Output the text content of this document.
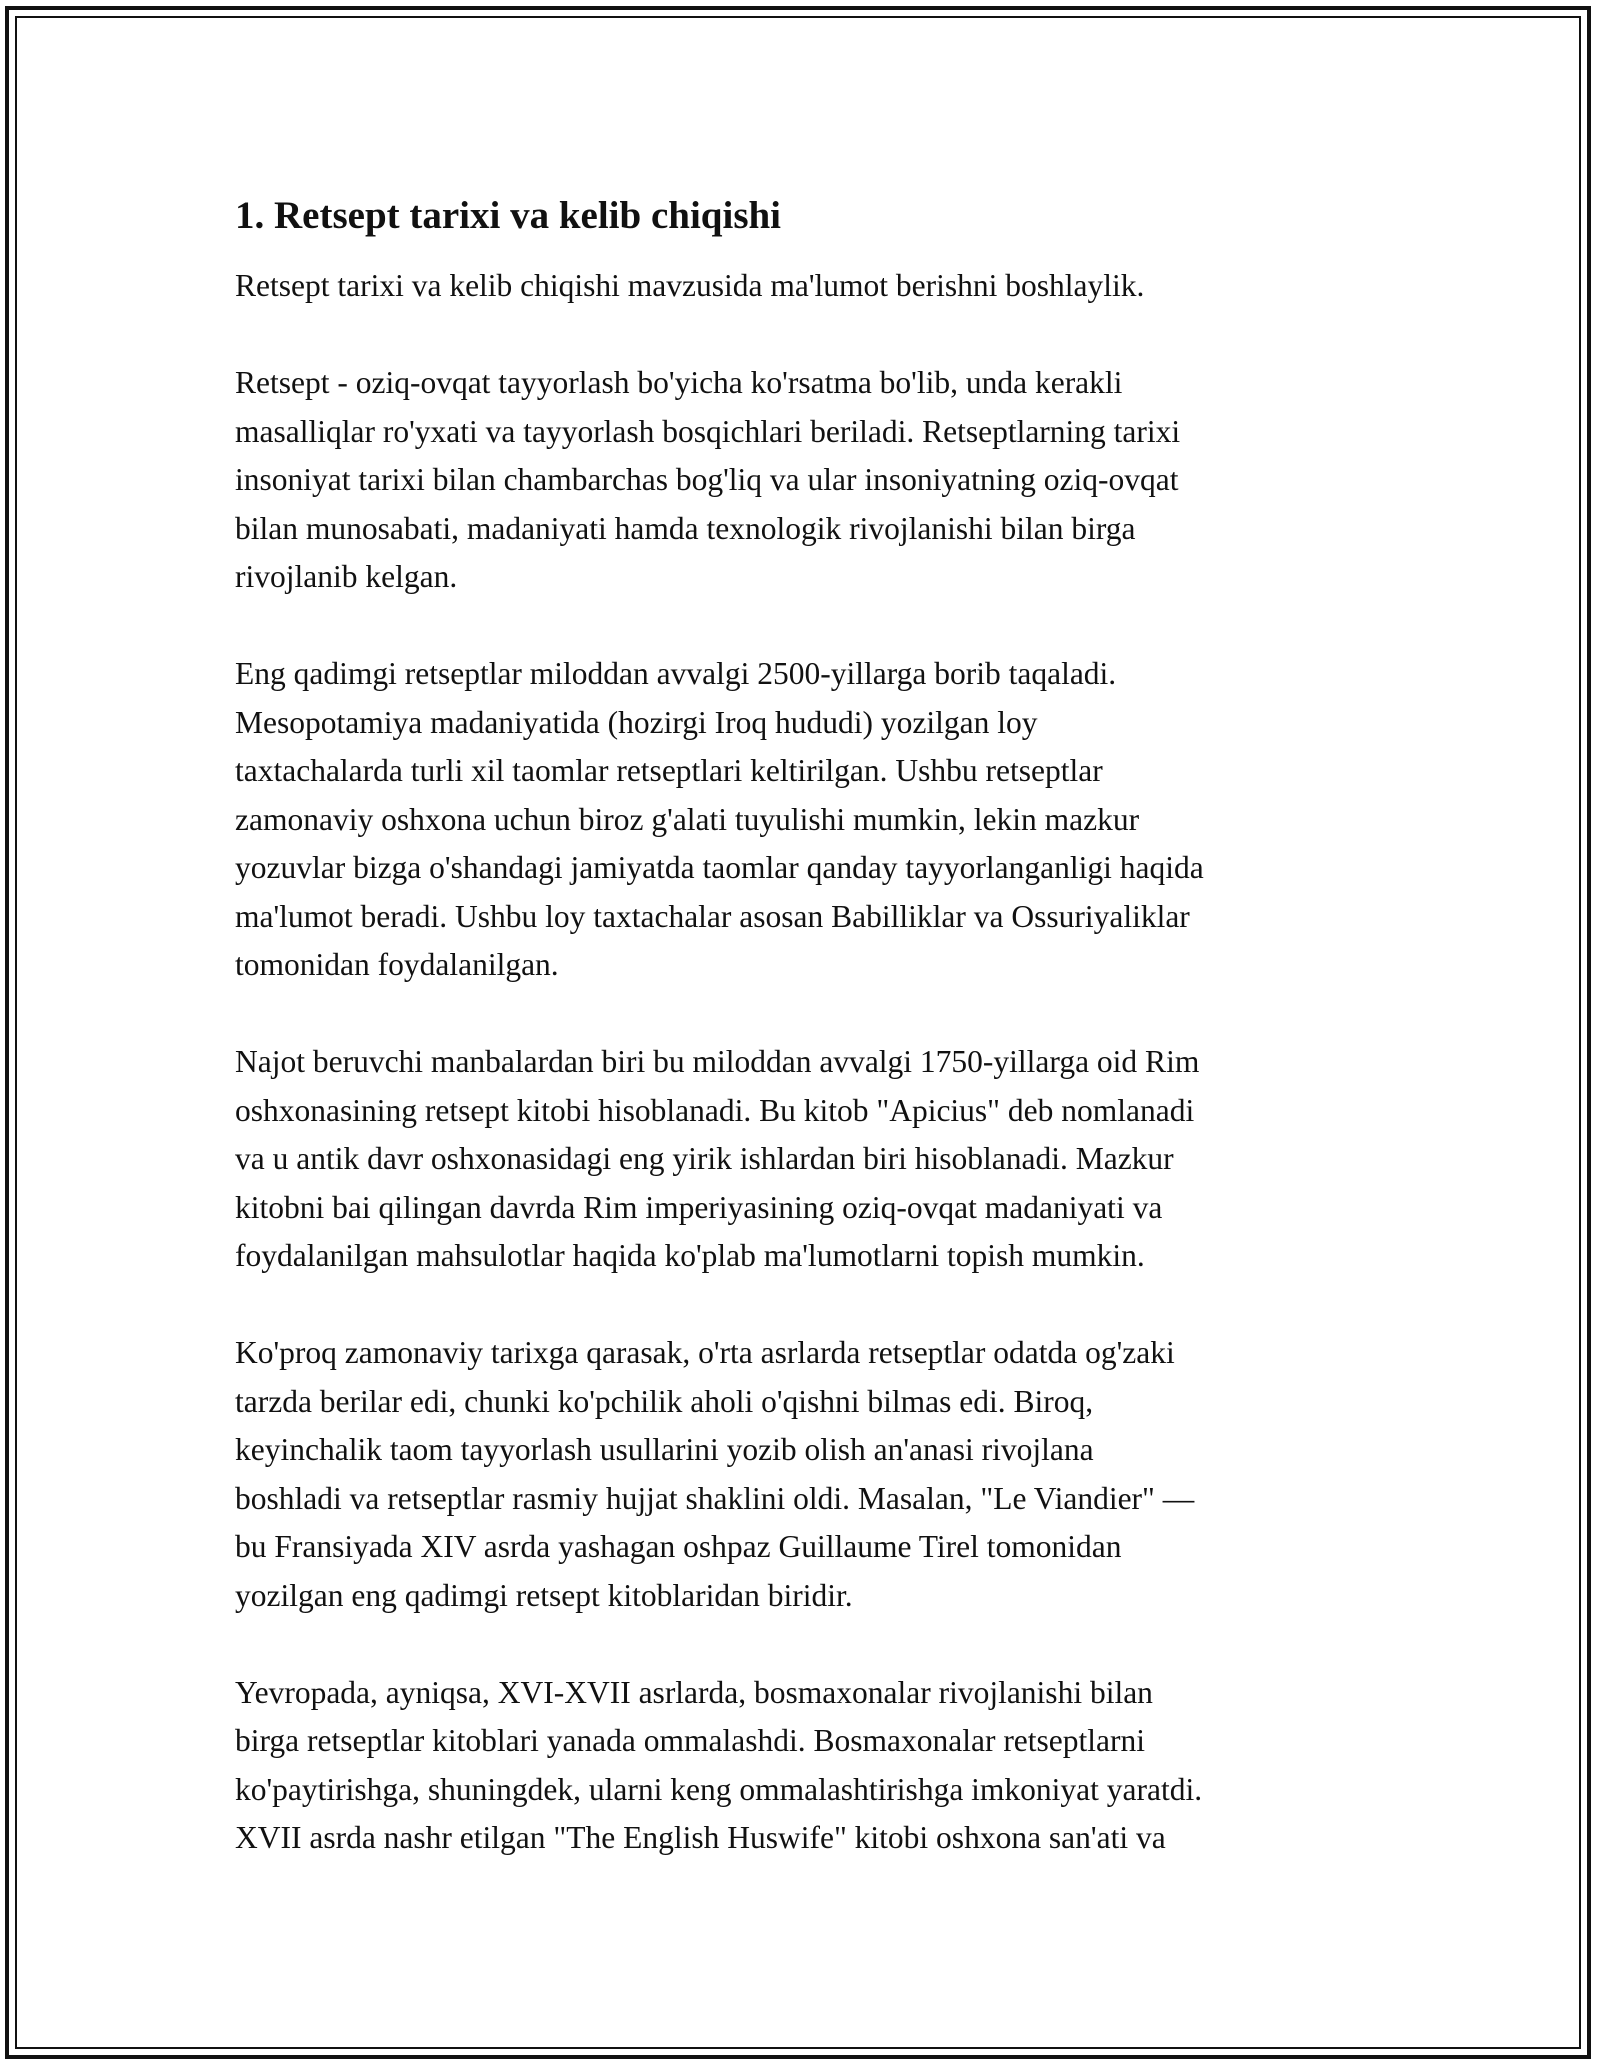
1. Retsept tarixi va kelib chiqishi
Retsept tarixi va kelib chiqishi mavzusida ma'lumot berishni boshlaylik.
Retsept - oziq-ovqat tayyorlash bo'yicha ko'rsatma bo'lib, unda kerakli
masalliqlar ro'yxati va tayyorlash bosqichlari beriladi. Retseptlarning tarixi
insoniyat tarixi bilan chambarchas bog'liq va ular insoniyatning oziq-ovqat
bilan munosabati, madaniyati hamda texnologik rivojlanishi bilan birga
rivojlanib kelgan.
Eng qadimgi retseptlar miloddan avvalgi 2500-yillarga borib taqaladi.
Mesopotamiya madaniyatida (hozirgi Iroq hududi) yozilgan loy
taxtachalarda turli xil taomlar retseptlari keltirilgan. Ushbu retseptlar
zamonaviy oshxona uchun biroz g'alati tuyulishi mumkin, lekin mazkur
yozuvlar bizga o'shandagi jamiyatda taomlar qanday tayyorlanganligi haqida
ma'lumot beradi. Ushbu loy taxtachalar asosan Babilliklar va Ossuriyaliklar
tomonidan foydalanilgan.
Najot beruvchi manbalardan biri bu miloddan avvalgi 1750-yillarga oid Rim
oshxonasining retsept kitobi hisoblanadi. Bu kitob "Apicius" deb nomlanadi
va u antik davr oshxonasidagi eng yirik ishlardan biri hisoblanadi. Mazkur
kitobni bai qilingan davrda Rim imperiyasining oziq-ovqat madaniyati va
foydalanilgan mahsulotlar haqida ko'plab ma'lumotlarni topish mumkin.
Ko'proq zamonaviy tarixga qarasak, o'rta asrlarda retseptlar odatda og'zaki
tarzda berilar edi, chunki ko'pchilik aholi o'qishni bilmas edi. Biroq,
keyinchalik taom tayyorlash usullarini yozib olish an'anasi rivojlana
boshladi va retseptlar rasmiy hujjat shaklini oldi. Masalan, "Le Viandier" —
bu Fransiyada XIV asrda yashagan oshpaz Guillaume Tirel tomonidan
yozilgan eng qadimgi retsept kitoblaridan biridir.
Yevropada, ayniqsa, XVI-XVII asrlarda, bosmaxonalar rivojlanishi bilan
birga retseptlar kitoblari yanada ommalashdi. Bosmaxonalar retseptlarni
ko'paytirishga, shuningdek, ularni keng ommalashtirishga imkoniyat yaratdi.
XVII asrda nashr etilgan "The English Huswife" kitobi oshxona san'ati va
